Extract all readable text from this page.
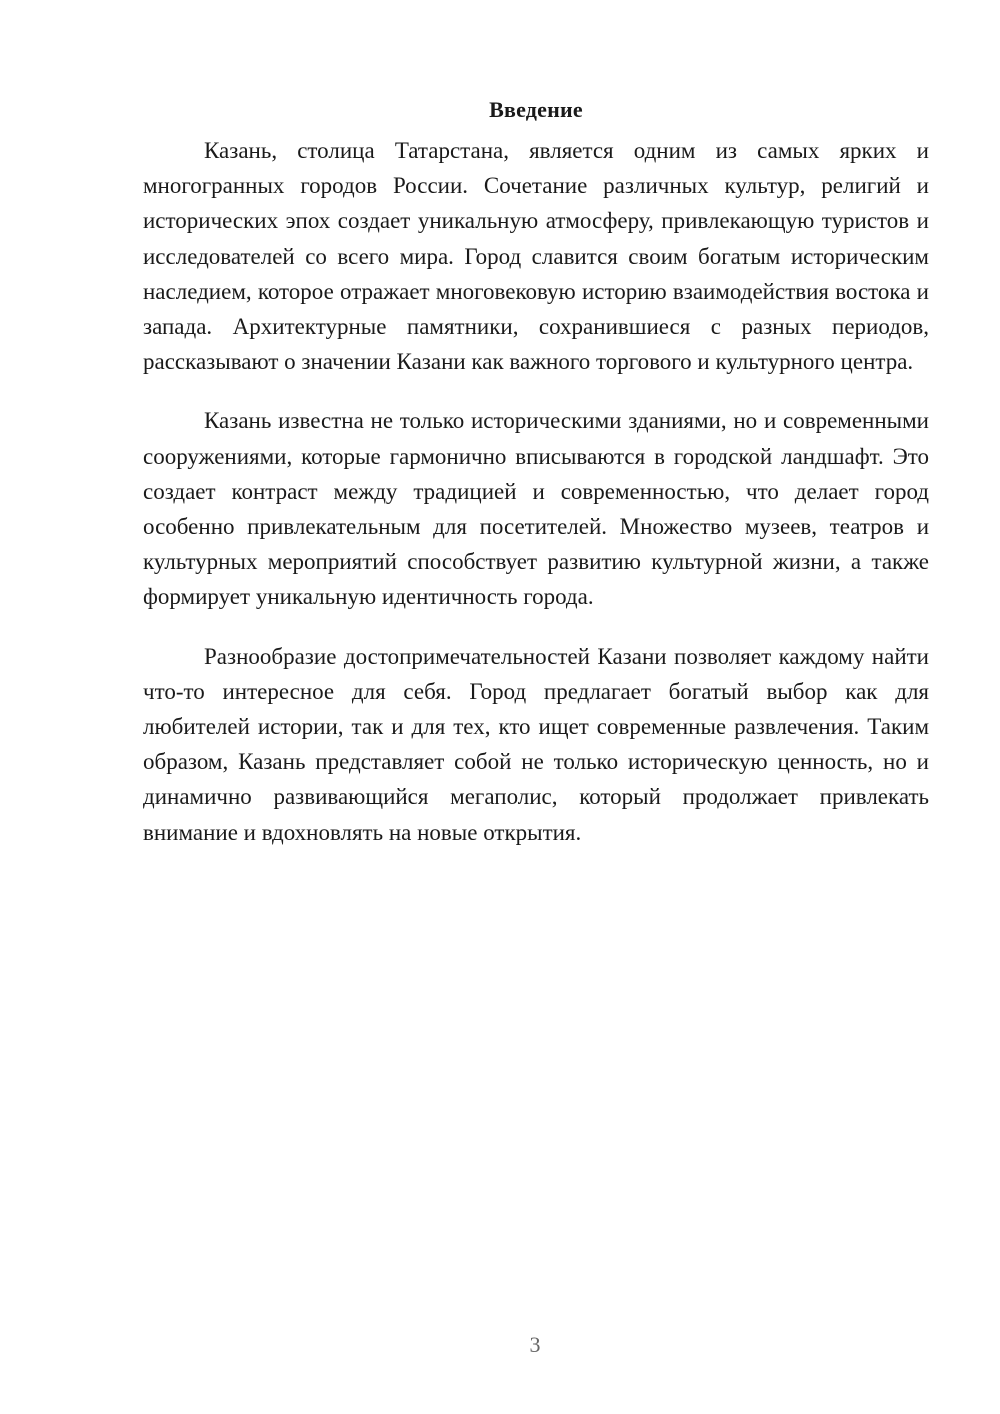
Введение

Казань, столица Татарстана, является одним из самых ярких и многогранных городов России. Сочетание различных культур, религий и исторических эпох создает уникальную атмосферу, привлекающую туристов и исследователей со всего мира. Город славится своим богатым историческим наследием, которое отражает многовековую историю взаимодействия востока и запада. Архитектурные памятники, сохранившиеся с разных периодов, рассказывают о значении Казани как важного торгового и культурного центра.

Казань известна не только историческими зданиями, но и современными сооружениями, которые гармонично вписываются в городской ландшафт. Это создает контраст между традицией и современностью, что делает город особенно привлекательным для посетителей. Множество музеев, театров и культурных мероприятий способствует развитию культурной жизни, а также формирует уникальную идентичность города.

Разнообразие достопримечательностей Казани позволяет каждому найти что-то интересное для себя. Город предлагает богатый выбор как для любителей истории, так и для тех, кто ищет современные развлечения. Таким образом, Казань представляет собой не только историческую ценность, но и динамично развивающийся мегаполис, который продолжает привлекать внимание и вдохновлять на новые открытия.

3
